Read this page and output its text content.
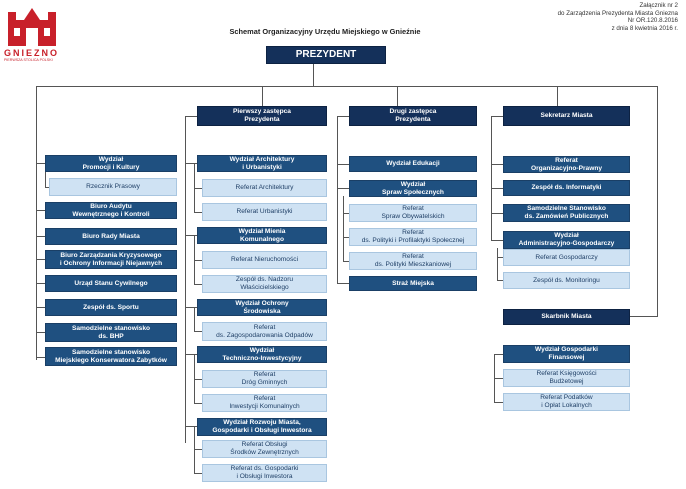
GNIEZNO
PIERWSZA STOLICA POLSKI
Schemat Organizacyjny Urzędu Miejskiego w Gnieźnie
Załącznik nr 2
do Zarządzenia Prezydenta Miasta Gniezna
Nr OR.120.8.2016
z dnia 8 kwietnia 2016 r.
PREZYDENT
Pierwszy zastępca
Prezydenta
Drugi zastępca
Prezydenta
Sekretarz Miasta
Skarbnik Miasta
Wydział
Promocji i Kultury
Rzecznik Prasowy
Biuro Audytu
Wewnętrznego i Kontroli
Biuro Rady Miasta
Biuro Zarządzania Kryzysowego
i Ochrony Informacji Niejawnych
Urząd Stanu Cywilnego
Zespół ds. Sportu
Samodzielne stanowisko
ds. BHP
Samodzielne stanowisko
Miejskiego Konserwatora Zabytków
Wydział Architektury
i Urbanistyki
Referat Architektury
Referat Urbanistyki
Wydział Mienia
Komunalnego
Referat Nieruchomości
Zespół ds. Nadzoru
Właścicielskiego
Wydział Ochrony
Środowiska
Referat
ds. Zagospodarowania Odpadów
Wydział
Techniczno-Inwestycyjny
Referat
Dróg Gminnych
Referat
Inwestycji Komunalnych
Wydział Rozwoju Miasta,
Gospodarki i Obsługi Inwestora
Referat Obsługi
Środków Zewnętrznych
Referat ds. Gospodarki
i Obsługi Inwestora
Wydział Edukacji
Wydział
Spraw Społecznych
Referat
Spraw Obywatelskich
Referat
ds. Polityki i Profilaktyki Społecznej
Referat
ds. Polityki Mieszkaniowej
Straż Miejska
Referat
Organizacyjno-Prawny
Zespół ds. Informatyki
Samodzielne Stanowisko
ds. Zamówień Publicznych
Wydział
Administracyjno-Gospodarczy
Referat Gospodarczy
Zespół ds. Monitoringu
Wydział Gospodarki
Finansowej
Referat Księgowości
Budżetowej
Referat Podatków
i Opłat Lokalnych
